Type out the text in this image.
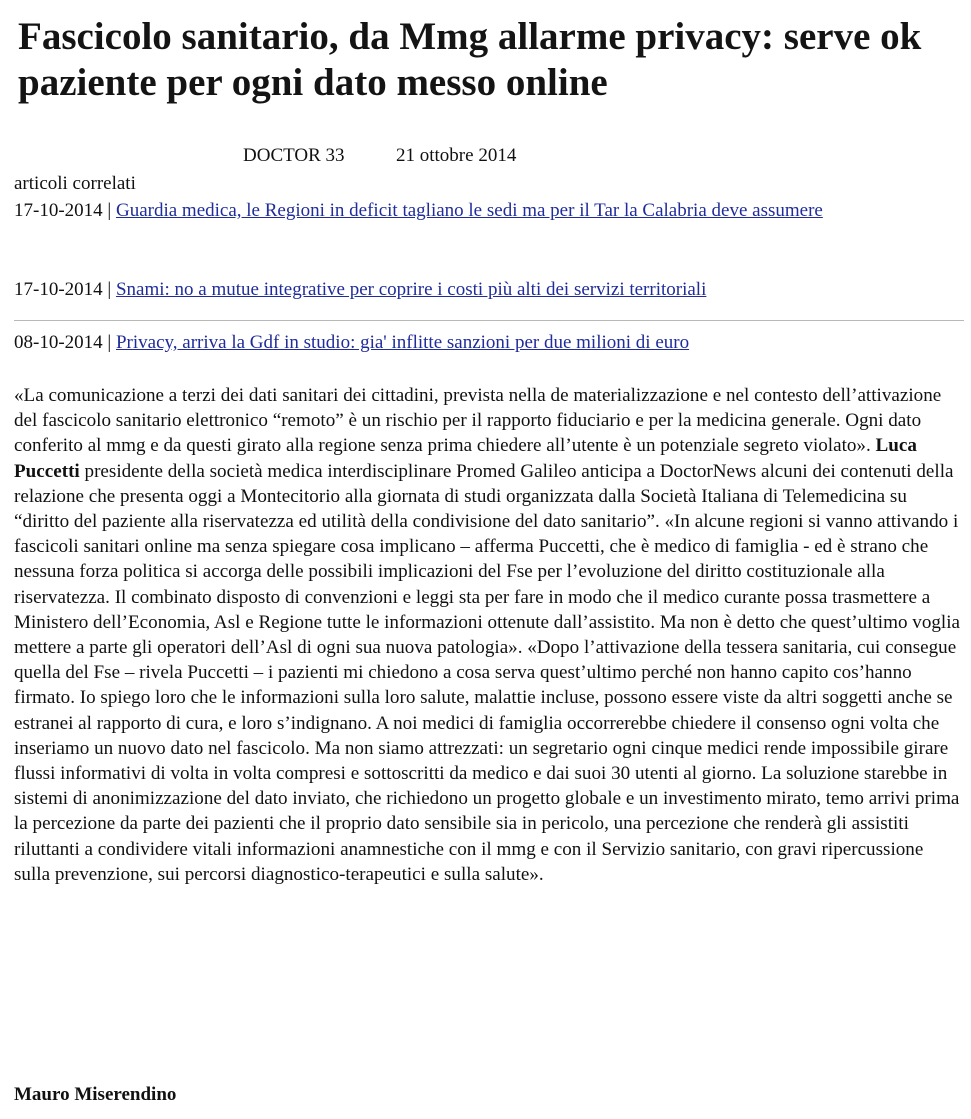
Fascicolo sanitario, da Mmg allarme privacy: serve ok paziente per ogni dato messo online
DOCTOR 33	21 ottobre 2014
articoli correlati
17-10-2014 | Guardia medica, le Regioni in deficit tagliano le sedi ma per il Tar la Calabria deve assumere
17-10-2014 | Snami: no a mutue integrative per coprire i costi più alti dei servizi territoriali
08-10-2014 | Privacy, arriva la Gdf in studio: gia' inflitte sanzioni per due milioni di euro

«La comunicazione a terzi dei dati sanitari dei cittadini, prevista nella de materializzazione e nel contesto dell’attivazione del fascicolo sanitario elettronico “remoto” è un rischio per il rapporto fiduciario e per la medicina generale. Ogni dato conferito al mmg e da questi girato alla regione senza prima chiedere all’utente è un potenziale segreto violato». Luca Puccetti presidente della società medica interdisciplinare Promed Galileo anticipa a DoctorNews alcuni dei contenuti della relazione che presenta oggi a Montecitorio alla giornata di studi organizzata dalla Società Italiana di Telemedicina su “diritto del paziente alla riservatezza ed utilità della condivisione del dato sanitario”. «In alcune regioni si vanno attivando i fascicoli sanitari online ma senza spiegare cosa implicano – afferma Puccetti, che è medico di famiglia - ed è strano che nessuna forza politica si accorga delle possibili implicazioni del Fse per l’evoluzione del diritto costituzionale alla riservatezza. Il combinato disposto di convenzioni e leggi sta per fare in modo che il medico curante possa trasmettere a Ministero dell’Economia, Asl e Regione tutte le informazioni ottenute dall’assistito. Ma non è detto che quest’ultimo voglia mettere a parte gli operatori dell’Asl di ogni sua nuova patologia». «Dopo l’attivazione della tessera sanitaria, cui consegue quella del Fse – rivela Puccetti – i pazienti mi chiedono a cosa serva quest’ultimo perché non hanno capito cos’hanno firmato. Io spiego loro che le informazioni sulla loro salute, malattie incluse, possono essere viste da altri soggetti anche se estranei al rapporto di cura, e loro s’indignano. A noi medici di famiglia occorrerebbe chiedere il consenso ogni volta che inseriamo un nuovo dato nel fascicolo. Ma non siamo attrezzati: un segretario ogni cinque medici rende impossibile girare flussi informativi di volta in volta compresi e sottoscritti da medico e dai suoi 30 utenti al giorno. La soluzione starebbe in sistemi di anonimizzazione del dato inviato, che richiedono un progetto globale e un investimento mirato, temo arrivi prima la percezione da parte dei pazienti che il proprio dato sensibile sia in pericolo, una percezione che renderà gli assistiti riluttanti a condividere vitali informazioni anamnestiche con il mmg e con il Servizio sanitario, con gravi ripercussione sulla prevenzione, sui percorsi diagnostico-terapeutici e sulla salute».

Mauro Miserendino
